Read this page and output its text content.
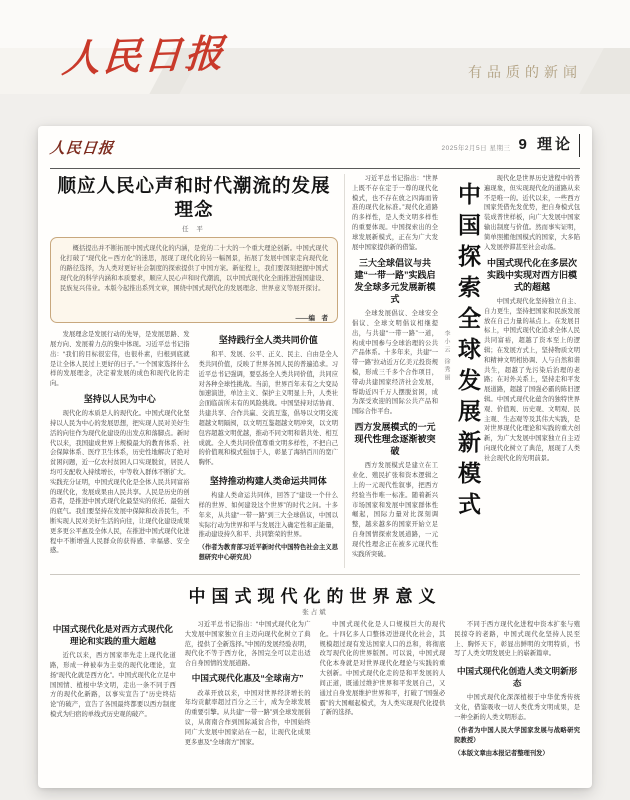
人民日报	有品质的新闻
人民日报	2025年2月5日 星期三 9 理论
顺应人民心声和时代潮流的发展理念
任 平
概括提出并不断拓展中国式现代化的内涵，是党的二十大的一个重大理论创新。中国式现代化打破了“现代化＝西方化”的迷思，展现了现代化的另一幅图景，拓展了发展中国家走向现代化的路径选择，为人类对更好社会制度的探索提供了中国方案。新征程上，我们要深刻把握中国式现代化的科学内涵和本质要求，顺应人民心声和时代潮流，以中国式现代化全面推进强国建设、民族复兴伟业。本版今起推出系列文章，围绕中国式现代化的发展理念、世界意义等展开探讨。
——编　者

发展理念是发展行动的先导，是发展思路、发展方向、发展着力点的集中体现。习近平总书记指出：“我们的目标很宏伟，也很朴素，归根到底就是让全体人民过上更好的日子。”一个国家选择什么样的发展理念，决定着发展的成色和现代化的走向。

坚持以人民为中心

现代化的本质是人的现代化。中国式现代化坚持以人民为中心的发展思想，把实现人民对美好生活的向往作为现代化建设的出发点和落脚点。新时代以来，我国建成世界上规模最大的教育体系、社会保障体系、医疗卫生体系，历史性地解决了绝对贫困问题，近一亿农村贫困人口实现脱贫，居民人均可支配收入持续增长，中等收入群体不断扩大。实践充分证明，中国式现代化是全体人民共同富裕的现代化，发展成果由人民共享。人民是历史的创造者，是推进中国式现代化最坚实的依托、最强大的底气。我们要坚持在发展中保障和改善民生，不断实现人民对美好生活的向往，让现代化建设成果更多更公平惠及全体人民，在推进中国式现代化进程中不断增强人民群众的获得感、幸福感、安全感。

坚持践行全人类共同价值

和平、发展、公平、正义、民主、自由是全人类共同价值，反映了世界各国人民的普遍追求。习近平总书记强调，要弘扬全人类共同价值，共同应对各种全球性挑战。当前，世界百年未有之大变局加速演进，单边主义、保护主义明显上升，人类社会面临前所未有的风险挑战。中国坚持对话协商、共建共享、合作共赢、交流互鉴，倡导以文明交流超越文明隔阂，以文明互鉴超越文明冲突，以文明包容超越文明优越，推动不同文明和谐共处、相互成就。全人类共同价值尊重文明多样性，不把自己的价值观和模式强加于人，彰显了海纳百川的宽广胸怀。

坚持推动构建人类命运共同体

构建人类命运共同体，回答了“建设一个什么样的世界、如何建设这个世界”的时代之问。十多年来，从共建“一带一路”到三大全球倡议，中国以实际行动为世界和平与发展注入确定性和正能量，推动建设持久和平、共同繁荣的世界。

（作者为教育部习近平新时代中国特色社会主义思想研究中心研究员）

习近平总书记指出：“世界上既不存在定于一尊的现代化模式，也不存在放之四海而皆准的现代化标准。”现代化道路的多样性，是人类文明多样性的重要体现。中国探索出的全球发展新模式，正在为广大发展中国家提供新的借鉴。

三大全球倡议与共建“一带一路”实践启发全球多元发展新模式

全球发展倡议、全球安全倡议、全球文明倡议相继提出，与共建“一带一路”一道，构成中国参与全球治理的公共产品体系。十多年来，共建“一带一路”拉动近万亿美元投资规模，形成三千多个合作项目，带动共建国家经济社会发展，帮助近四千万人摆脱贫困，成为深受欢迎的国际公共产品和国际合作平台。

西方发展模式的一元现代性理念逐渐被突破

西方发展模式是建立在工业化、殖民扩张和资本逻辑之上的一元现代性叙事，把西方经验当作唯一标准。随着新兴市场国家和发展中国家群体性崛起，国际力量对比深刻调整，越来越多的国家开始立足自身国情探索发展道路，一元现代性理念正在被多元现代性实践所突破。

中国探索全球发展新模式
李小云 徐秀丽

现代化是世界历史进程中的普遍现象，但实现现代化的道路从来不是唯一的。近代以来，一些西方国家凭借先发优势，把自身模式包装成普世样板，向广大发展中国家输出制度与价值。然而事实证明，简单照搬他国模式的国家，大多陷入发展停滞甚至社会动荡。

中国式现代化在多层次实践中实现对西方旧模式的超越

中国式现代化坚持独立自主、自力更生，坚持把国家和民族发展放在自己力量的基点上。在发展目标上，中国式现代化追求全体人民共同富裕，超越了资本至上的逻辑；在发展方式上，坚持物质文明和精神文明相协调、人与自然和谐共生，超越了先污染后治理的老路；在对外关系上，坚持走和平发展道路，超越了国强必霸的陈旧逻辑。中国式现代化蕴含的独特世界观、价值观、历史观、文明观、民主观、生态观等及其伟大实践，是对世界现代化理论和实践的重大创新，为广大发展中国家独立自主迈向现代化树立了典范，展现了人类社会现代化的光明前景。

中国式现代化的世界意义
张占斌
中国式现代化是对西方式现代化理论和实践的重大超越

近代以来，西方国家率先走上现代化道路，形成一种被奉为圭臬的现代化理论，宣扬“现代化就是西方化”。中国式现代化立足中国国情、植根中华文明，走出一条不同于西方的现代化新路，以事实宣告了“历史终结论”的破产，宣告了各国最终都要以西方制度模式为归宿的单线式历史观的破产。

习近平总书记指出：“中国式现代化为广大发展中国家独立自主迈向现代化树立了典范，提供了全新选择。”中国的发展经验表明，现代化不等于西方化，各国完全可以走出适合自身国情的发展道路。

中国式现代化惠及“全球南方”

改革开放以来，中国对世界经济增长的年均贡献率超过百分之三十，成为全球发展的重要引擎。从共建“一带一路”到全球发展倡议，从南南合作到国际减贫合作，中国始终同广大发展中国家站在一起，让现代化成果更多惠及“全球南方”国家。

中国式现代化是人口规模巨大的现代化。十四亿多人口整体迈进现代化社会，其规模超过现有发达国家人口的总和，将彻底改写现代化的世界版图。可以说，中国式现代化本身就是对世界现代化理论与实践的重大创新。中国式现代化走的是和平发展的人间正道，既通过维护世界和平发展自己，又通过自身发展维护世界和平，打破了“国强必霸”的大国崛起模式，为人类实现现代化提供了新的选择。

不同于西方现代化进程中资本扩张与殖民掠夺的老路，中国式现代化坚持人民至上、胸怀天下，彰显出鲜明的文明特质，书写了人类文明发展史上的崭新篇章。

中国式现代化创造人类文明新形态

中国式现代化深深植根于中华优秀传统文化，借鉴吸收一切人类优秀文明成果，是一种全新的人类文明形态。

（作者为中国人民大学国家发展与战略研究院教授）

（本版文章由本报记者整理刊发）
